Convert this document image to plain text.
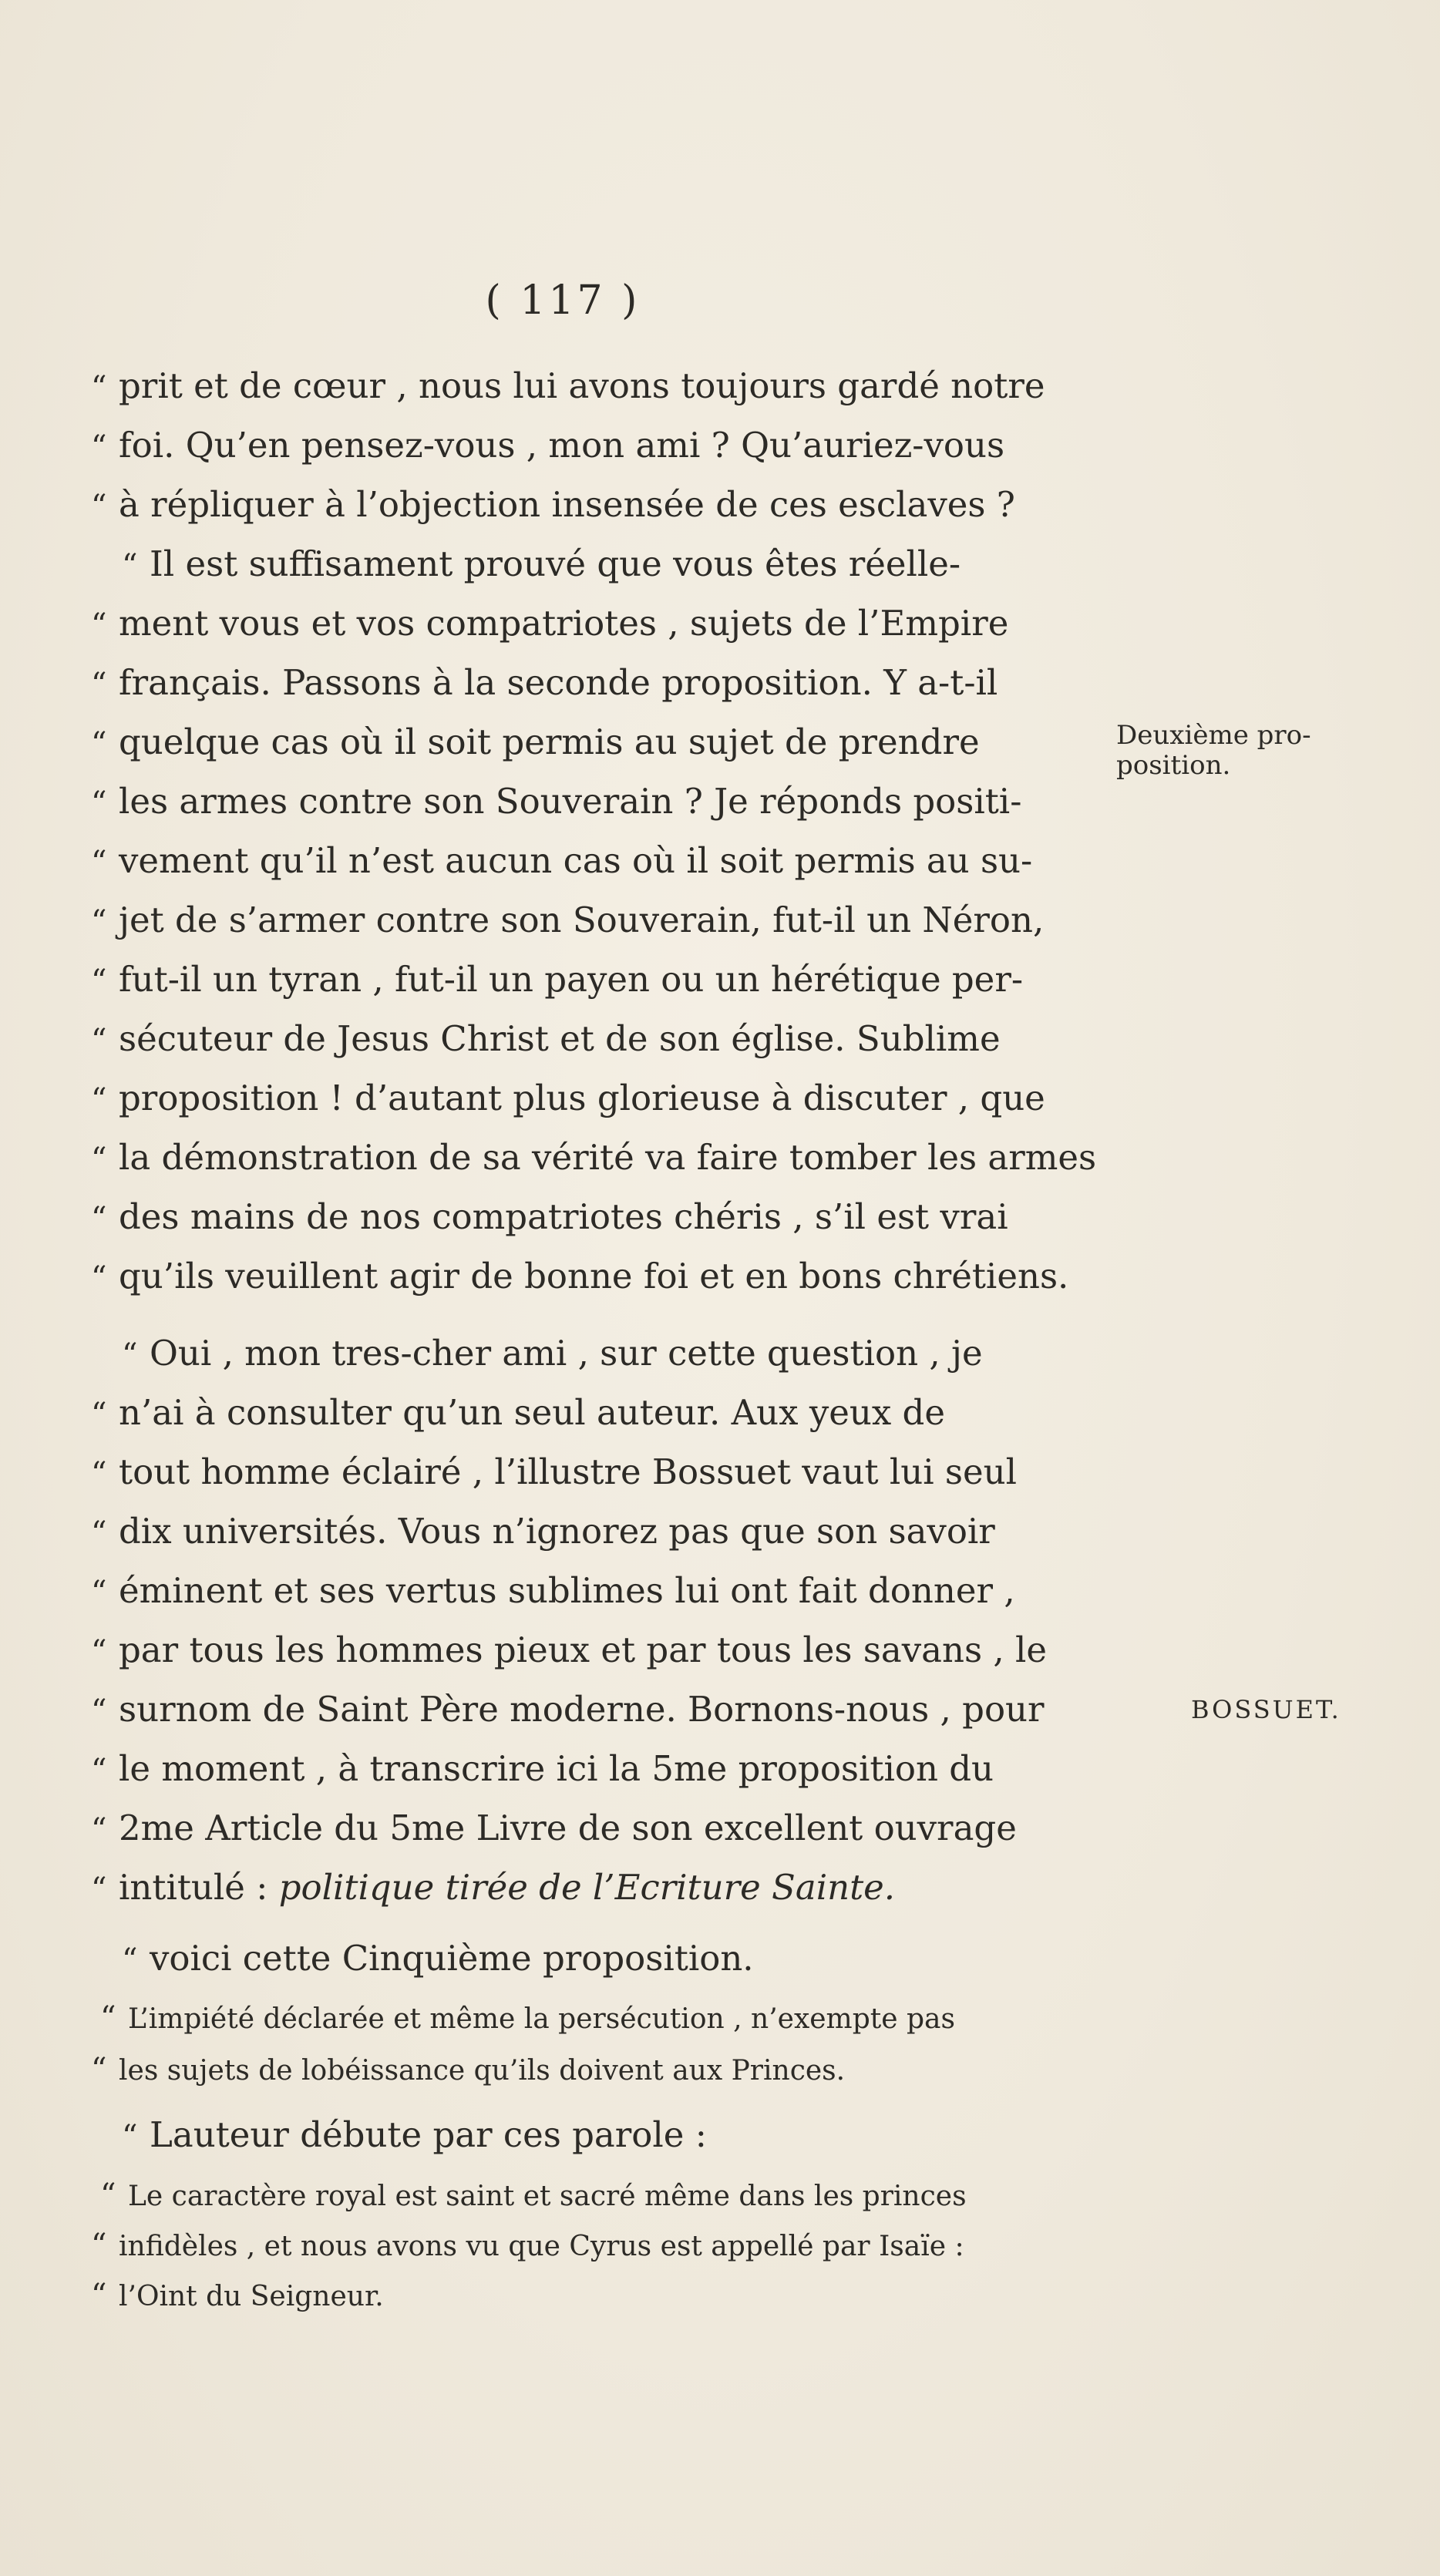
( 117 )
“ prit et de cœur , nous lui avons toujours gardé notre
“ foi. Qu’en pensez-vous , mon ami ? Qu’auriez-vous
“ à répliquer à l’objection insensée de ces esclaves ?
“ Il est suffisament prouvé que vous êtes réelle-
“ ment vous et vos compatriotes , sujets de l’Empire
“ français. Passons à la seconde proposition. Y a-t-il
“ quelque cas où il soit permis au sujet de prendre
“ les armes contre son Souverain ? Je réponds positi-
“ vement qu’il n’est aucun cas où il soit permis au su-
“ jet de s’armer contre son Souverain, fut-il un Néron,
“ fut-il un tyran , fut-il un payen ou un hérétique per-
“ sécuteur de Jesus Christ et de son église. Sublime
“ proposition ! d’autant plus glorieuse à discuter , que
“ la démonstration de sa vérité va faire tomber les armes
“ des mains de nos compatriotes chéris , s’il est vrai
“ qu’ils veuillent agir de bonne foi et en bons chrétiens.
“ Oui , mon tres-cher ami , sur cette question , je
“ n’ai à consulter qu’un seul auteur. Aux yeux de
“ tout homme éclairé , l’illustre Bossuet vaut lui seul
“ dix universités. Vous n’ignorez pas que son savoir
“ éminent et ses vertus sublimes lui ont fait donner ,
“ par tous les hommes pieux et par tous les savans , le
“ surnom de Saint Père moderne. Bornons-nous , pour
“ le moment , à transcrire ici la 5me proposition du
“ 2me Article du 5me Livre de son excellent ouvrage
“ intitulé : politique tirée de l’Ecriture Sainte.
“ voici cette Cinquième proposition.
“ L’impiété déclarée et même la persécution , n’exempte pas
“ les sujets de lobéissance qu’ils doivent aux Princes.
“ Lauteur débute par ces parole :
“ Le caractère royal est saint et sacré même dans les princes
“ infidèles , et nous avons vu que Cyrus est appellé par Isaïe :
“ l’Oint du Seigneur.
Deuxième pro-
position.
BOSSUET.
